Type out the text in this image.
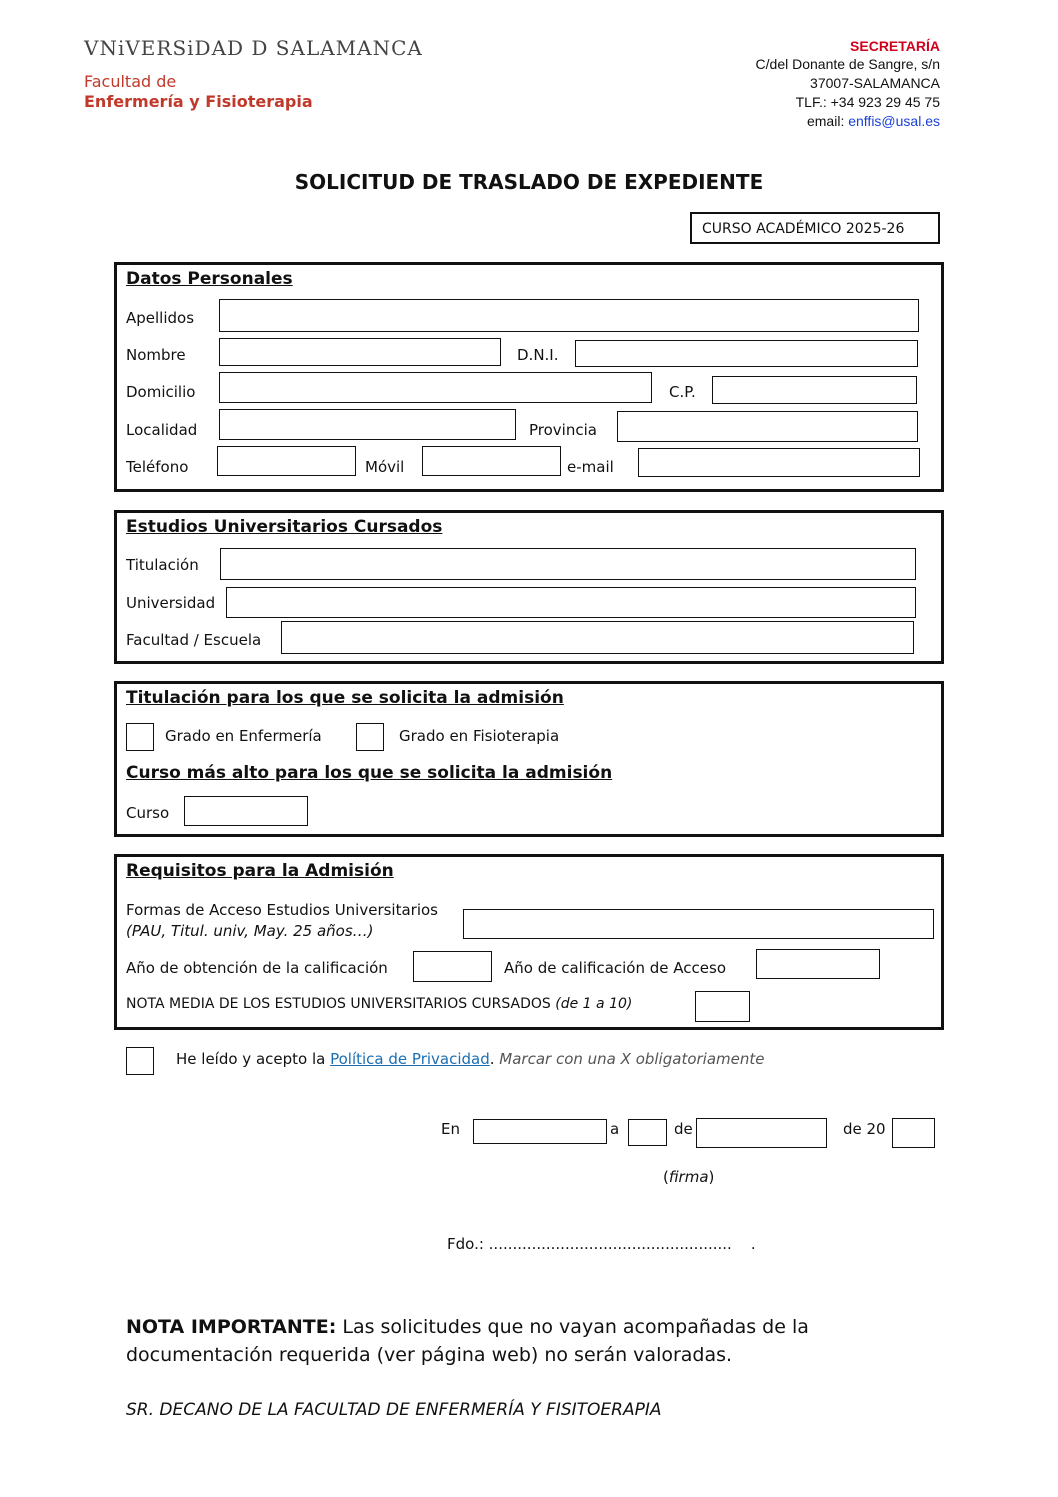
VNiVERSiDAD D SALAMANCA
Facultad de
Enfermería y Fisioterapia
SECRETARÍA
C/del Donante de Sangre, s/n
37007-SALAMANCA
TLF.: +34 923 29 45 75
email: enffis@usal.es
SOLICITUD DE TRASLADO DE EXPEDIENTE
CURSO ACADÉMICO 2025-26
Datos Personales
Apellidos
Nombre	D.N.I.
Domicilio	C.P.
Localidad	Provincia
Teléfono	Móvil	e-mail
Estudios Universitarios Cursados
Titulación
Universidad
Facultad / Escuela
Titulación para los que se solicita la admisión
Grado en Enfermería	Grado en Fisioterapia
Curso más alto para los que se solicita la admisión
Curso
Requisitos para la Admisión
Formas de Acceso Estudios Universitarios
(PAU, Titul. univ, May. 25 años…)
Año de obtención de la calificación	Año de calificación de Acceso
NOTA MEDIA DE LOS ESTUDIOS UNIVERSITARIOS CURSADOS (de 1 a 10)
He leído y acepto la Política de Privacidad. Marcar con una X obligatoriamente
En	a	de	de 20
(firma)
Fdo.: ...................................................    .
NOTA IMPORTANTE: Las solicitudes que no vayan acompañadas de la documentación requerida (ver página web) no serán valoradas.
SR. DECANO DE LA FACULTAD DE ENFERMERÍA Y FISITOERAPIA
